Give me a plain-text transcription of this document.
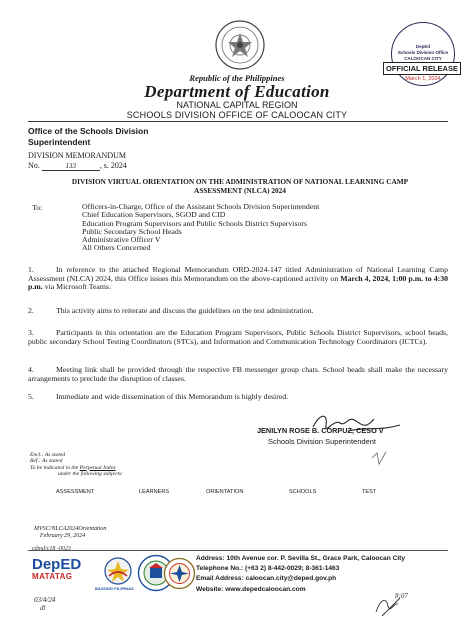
Republic of the Philippines
Department of Education
NATIONAL CAPITAL REGION
SCHOOLS DIVISION OFFICE OF CALOOCAN CITY
DepEd
Schools Division Office
CALOOCAN CITY
OFFICIAL RELEASE
March 1, 2024
Office of the Schools Division Superintendent
DIVISION MEMORANDUM
No.	133	, s. 2024
DIVISION VIRTUAL ORIENTATION ON THE ADMINISTRATION OF NATIONAL LEARNING CAMP ASSESSMENT (NLCA) 2024
To:	Officers-in-Charge, Office of the Assistant Schools Division Superintendent
Chief Education Supervisors, SGOD and CID
Education Program Supervisors and Public Schools District Supervisors
Public Secondary School Heads
Administrative Officer V
All Others Concerned
1.	In reference to the attached Regional Memorandum ORD-2024-147 titled Administration of National Learning Camp Assessment (NLCA) 2024, this Office issues this Memorandum on the above-captioned activity on March 4, 2024, 1:00 p.m. to 4:30 p.m. via Microsoft Teams.
2.	This activity aims to reiterate and discuss the guidelines on the test administration.
3.	Participants in this orientation are the Education Program Supervisors, Public Schools District Supervisors, school heads, public secondary School Testing Coordinators (STCs), and Information and Communication Technology Coordinators (ICTCs).
4.	Meeting link shall be provided through the respective FB messenger group chats. School heads shall make the necessary arrangements to preclude the disruption of classes.
5.	Immediate and wide dissemination of this Memorandum is highly desired.
JENILYN ROSE B. CORPUZ, CESO V
Schools Division Superintendent
Encl.: As stated
Ref.: As stated
To be indicated in the Perpetual Index
under the following subjects:
ASSESSMENT	LEARNERS	ORIENTATION	SCHOOLS	TEST
MVSC/NLCA2024Orientation
February 29, 2024
cdmd/c18 -0023
DepED
MATATAG
BAGONG PILIPINAS
Address: 10th Avenue cor. P. Sevilla St., Grace Park, Caloocan City
Telephone No.: (+63 2) 8-442-0029; 8-361-1463
Email Address: caloocan.city@deped.gov.ph
Website: www.depedcaloocan.com
03/4/24
dl
8:07
